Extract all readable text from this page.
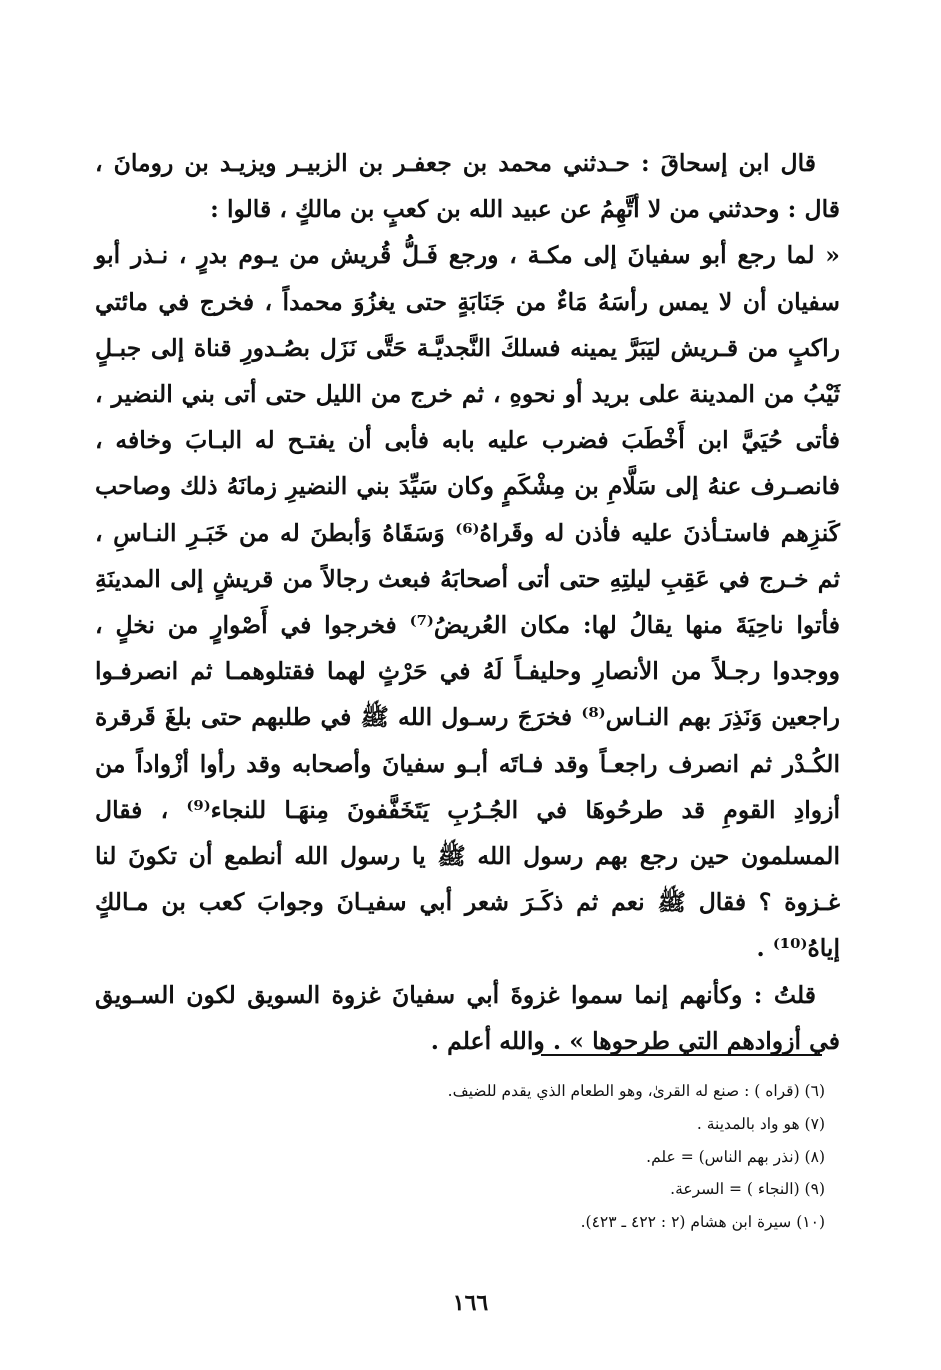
قال ابن إسحاقَ : حـدثني محمد بن جعفـر بن الزبيـر ويزيـد بن رومانَ ، قال : وحدثني من لا أتَّهِمُ عن عبيد الله بن كعبٍ بن مالكٍ ، قالوا :

« لما رجع أبو سفيانَ إلى مكـة ، ورجع فَـلُّ قُريش من يـوم بدرٍ ، نـذر أبو سفيان أن لا يمس رأسَهُ مَاءٌ من جَنَابَةٍ حتى يغزُوَ محمداً ، فخرج في مائتي راكبٍ من قـريش ليَبَرَّ يمينه فسلكَ النَّجديَّـة حَتَّى نَزَل بصُـدورِ قناة إلى جبـلٍ ثَيْبُ من المدينة على بريد أو نحوهِ ، ثم خرج من الليل حتى أتى بني النضير ، فأتى حُيَيَّ ابن أَخْطَبَ فضرب عليه بابه فأبى أن يفتـح له البـابَ وخافه ، فانصـرف عنهُ إلى سَلَّامِ بن مِشْكَمٍ وكان سَيِّدَ بني النضيرِ زمانَهُ ذلك وصاحب كَنزِهم فاستـأذنَ عليه فأذن له وقَراهُ⁽⁶⁾ وَسَقَاهُ وَأبطنَ له من خَبَـرِ النـاسِ ، ثم خـرج في عَقِبِ ليلتِهِ حتى أتى أصحابَهُ فبعث رجالاً من قريشٍ إلى المدينَةِ فأتوا ناحِيَةَ منها يقالُ لها: مكان العُريضُ⁽⁷⁾ فخرجوا في أَصْوارٍ من نخلٍ ، ووجدوا رجـلاً من الأنصارِ وحليفـاً لَهُ في حَرْثٍ لهما فقتلوهمـا ثم انصرفـوا راجعين وَنَذِرَ بهم النـاس⁽⁸⁾ فخرَجَ رسـول الله ﷺ في طلبهم حتى بلغَ قَرقرة الكُـدْر ثم انصرف راجعـاً وقد فـاتَه أبـو سفيانَ وأصحابه وقد رأوا أزْواداً من أزوادِ القومِ قد طرحُوهَا في الجُـرُبِ يَتَخَفَّفونَ مِنهَـا للنجاء⁽⁹⁾ ، فقال المسلمون حين رجع بهم رسول الله ﷺ يا رسول الله أنطمع أن تكونَ لنا غـزوة ؟ فقال ﷺ نعم ثم ذكَـرَ شعر أبي سفيـانَ وجوابَ كعب بن مـالكٍ إياهُ⁽¹⁰⁾ .

قلتُ : وكأنهم إنما سموا غزوةَ أبي سفيانَ غزوة السويق لكون السـويق في أزوادهم التي طرحوها » . والله أعلم .

(٦) (قراه ) : صنع له القرىٰ، وهو الطعام الذي يقدم للضيف.

(٧) هو واد بالمدينة .

(٨) (نذر بهم الناس) = علم.

(٩) (النجاء ) = السرعة.

(١٠) سيرة ابن هشام (٢ : ٤٢٢ ـ ٤٢٣).

١٦٦
